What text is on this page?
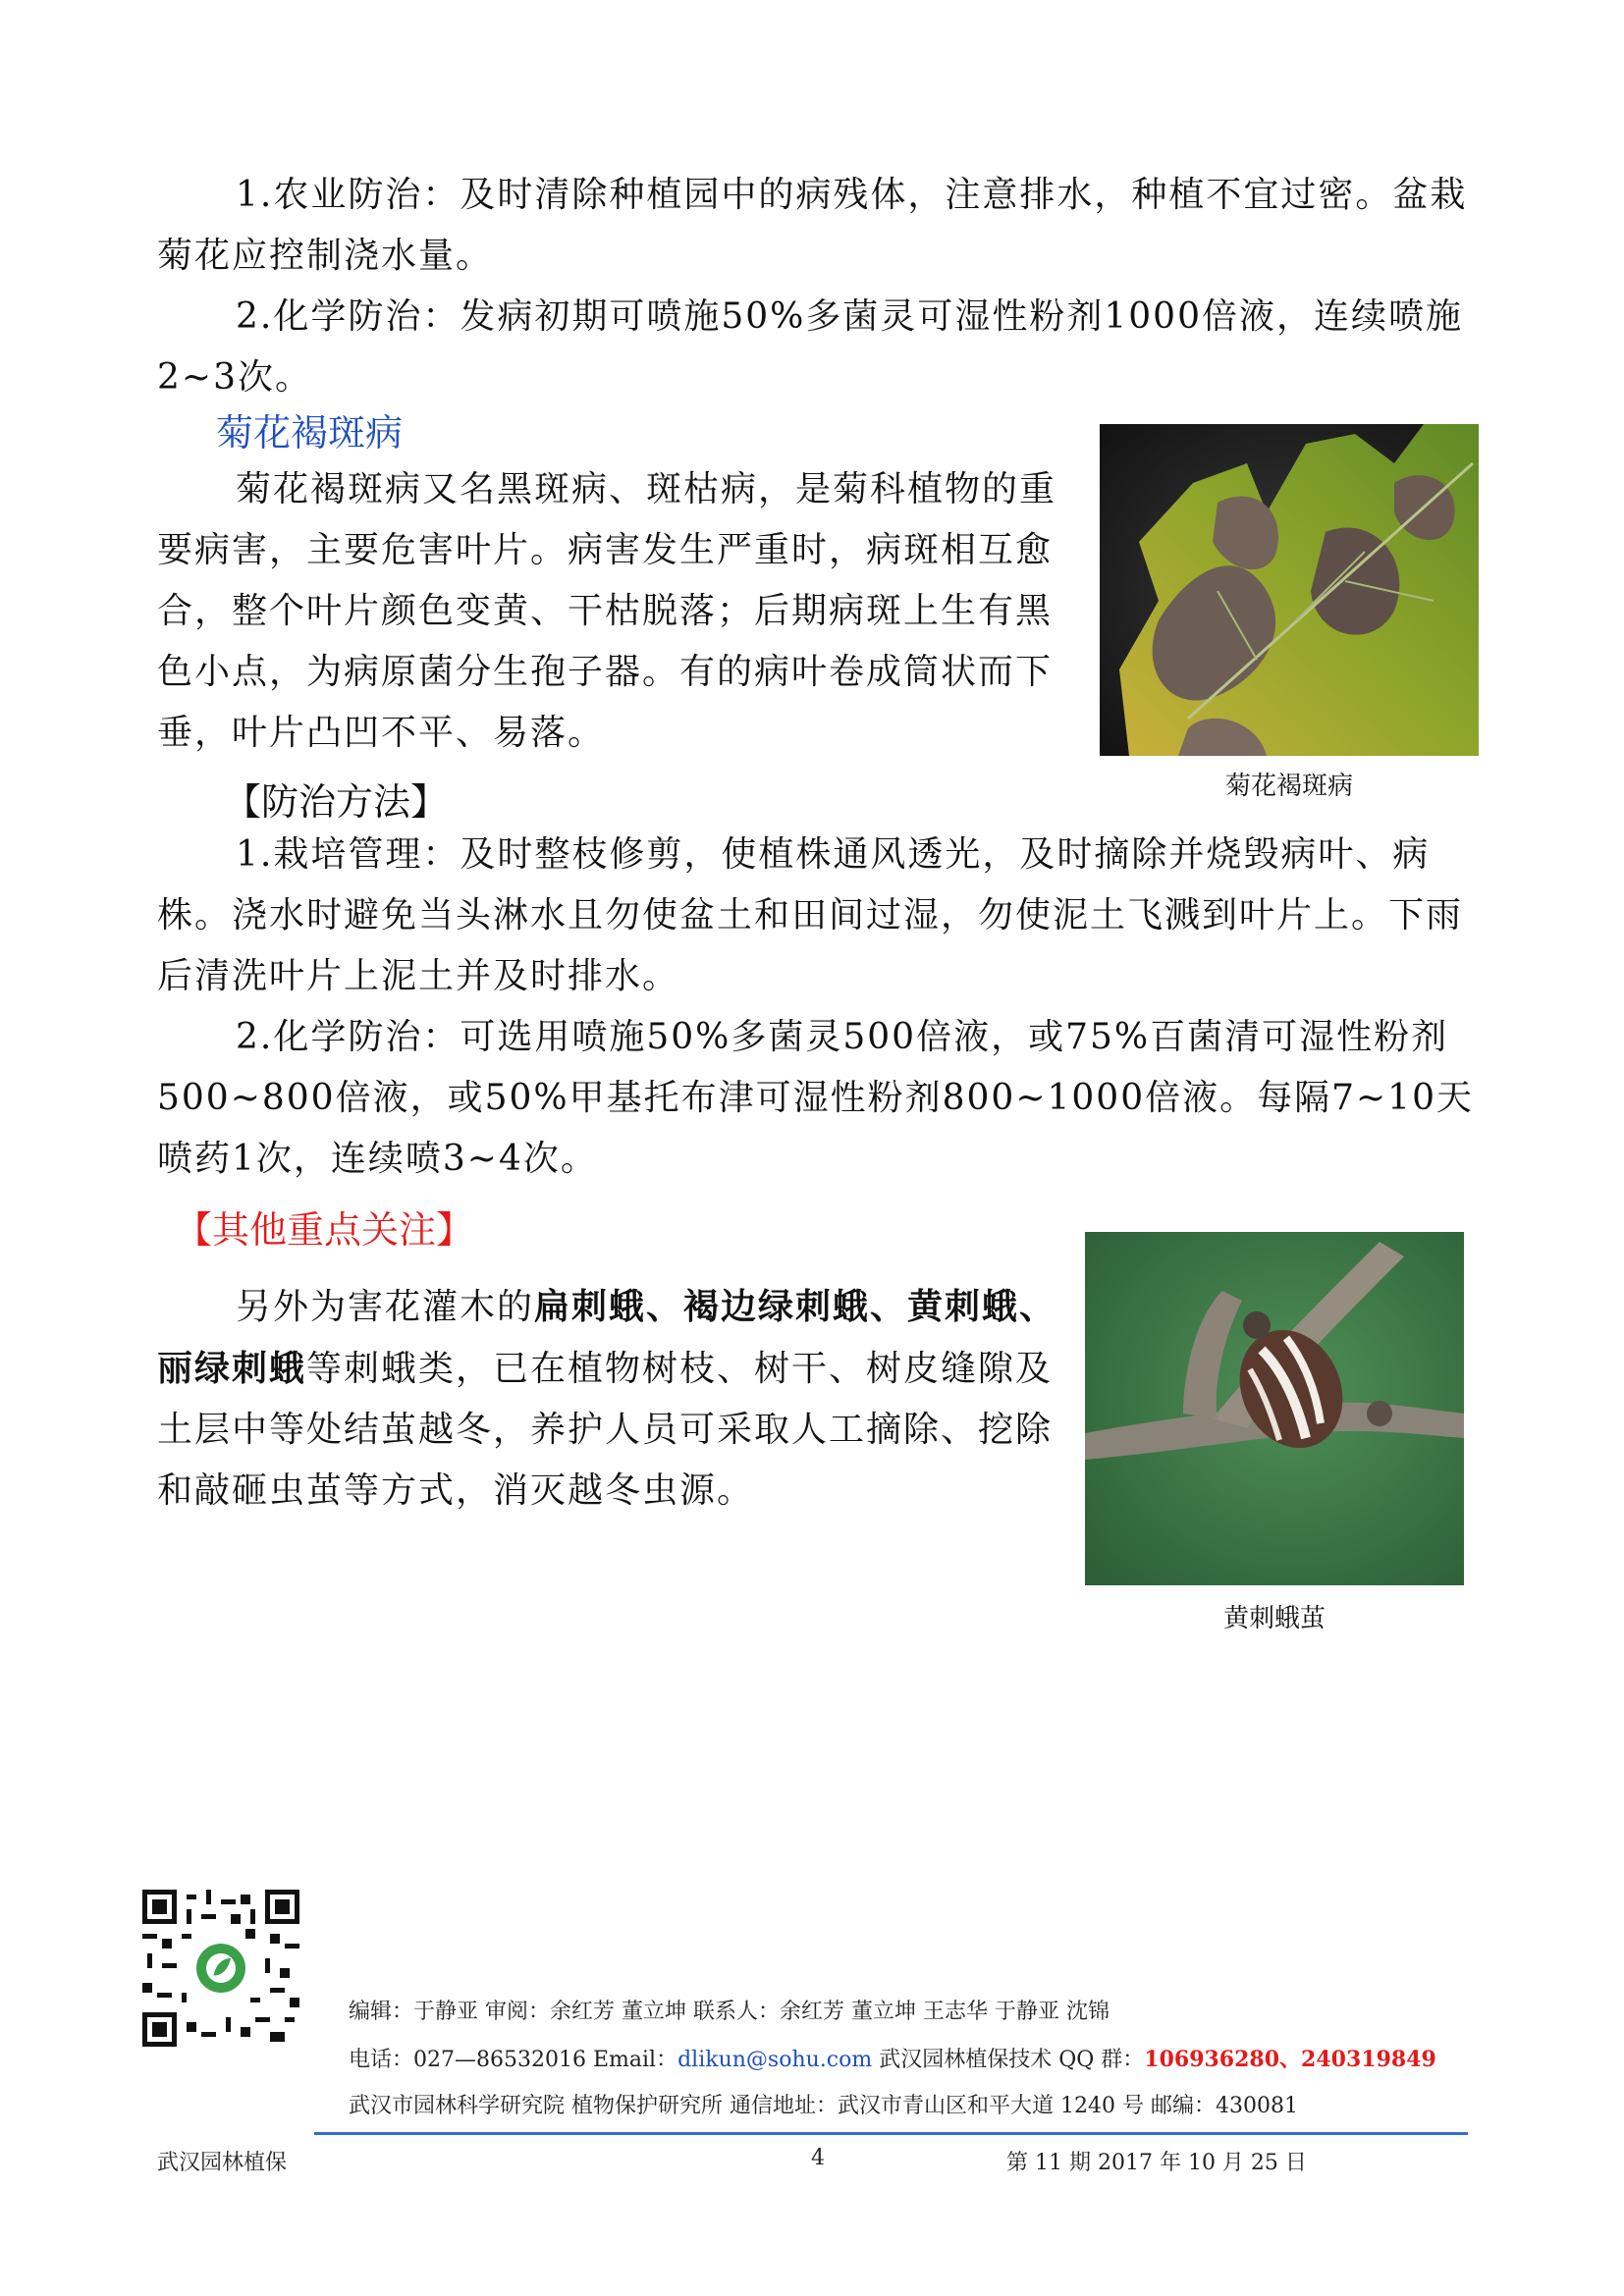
1.农业防治：及时清除种植园中的病残体，注意排水，种植不宜过密。盆栽菊花应控制浇水量。

2.化学防治：发病初期可喷施50%多菌灵可湿性粉剂1000倍液，连续喷施2~3次。

菊花褐斑病

菊花褐斑病又名黑斑病、斑枯病，是菊科植物的重要病害，主要危害叶片。病害发生严重时，病斑相互愈合，整个叶片颜色变黄、干枯脱落；后期病斑上生有黑色小点，为病原菌分生孢子器。有的病叶卷成筒状而下垂，叶片凸凹不平、易落。

菊花褐斑病
【防治方法】

1.栽培管理：及时整枝修剪，使植株通风透光，及时摘除并烧毁病叶、病株。浇水时避免当头淋水且勿使盆土和田间过湿，勿使泥土飞溅到叶片上。下雨后清洗叶片上泥土并及时排水。

2.化学防治：可选用喷施50%多菌灵500倍液，或75%百菌清可湿性粉剂500~800倍液，或50%甲基托布津可湿性粉剂800~1000倍液。每隔7~10天喷药1次，连续喷3~4次。

【其他重点关注】

另外为害花灌木的扁刺蛾、褐边绿刺蛾、黄刺蛾、丽绿刺蛾等刺蛾类，已在植物树枝、树干、树皮缝隙及土层中等处结茧越冬，养护人员可采取人工摘除、挖除和敲砸虫茧等方式，消灭越冬虫源。

黄刺蛾茧
编辑：于静亚 审阅：余红芳 董立坤 联系人：余红芳 董立坤 王志华 于静亚 沈锦
电话：027—86532016 Email：dlikun@sohu.com 武汉园林植保技术 QQ 群：106936280、240319849
武汉市园林科学研究院 植物保护研究所 通信地址：武汉市青山区和平大道 1240 号 邮编：430081
武汉园林植保	4	第 11 期 2017 年 10 月 25 日
